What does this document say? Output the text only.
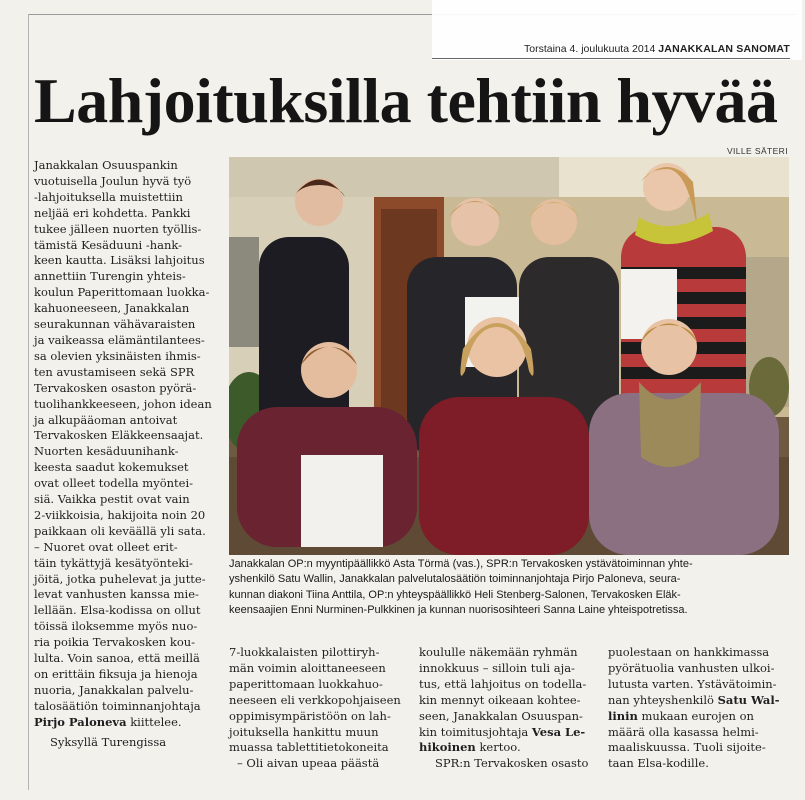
Torstaina 4. joulukuuta 2014 JANAKKALAN SANOMAT
Lahjoituksilla tehtiin hyvää
VILLE SÄTERI

Janakkalan Osuuspankin

vuotuisella Joulun hyvä työ

-lahjoituksella muistettiin

neljää eri kohdetta. Pankki

tukee jälleen nuorten työllis-

tämistä Kesäduuni -hank-

keen kautta. Lisäksi lahjoitus

annettiin Turengin yhteis-

koulun Paperittomaan luokka-

kahuoneeseen, Janakkalan

seurakunnan vähävaraisten

ja vaikeassa elämäntilantees-

sa olevien yksinäisten ihmis-

ten avustamiseen sekä SPR

Tervakosken osaston pyörä-

tuolihankkeeseen, johon idean

ja alkupääoman antoivat

Tervakosken Eläkkeensaajat.

Nuorten kesäduunihank-

keesta saadut kokemukset

ovat olleet todella myöntei-

siä. Vaikka pestit ovat vain

2-viikkoisia, hakijoita noin 20

paikkaan oli keväällä yli sata.

– Nuoret ovat olleet erit-

täin tykättyjä kesätyönteki-

jöitä, jotka puhelevat ja jutte-

levat vanhusten kanssa mie-

lellään. Elsa-kodissa on ollut

töissä iloksemme myös nuo-

ria poikia Tervakosken kou-

lulta. Voin sanoa, että meillä

on erittäin fiksuja ja hienoja

nuoria, Janakkalan palvelu-

talosäätiön toiminnanjohtaja

Pirjo Paloneva kiittelee.

Syksyllä Turengissa

Janakkalan OP:n myyntipäällikkö Asta Törmä (vas.), SPR:n Tervakosken ystävätoiminnan yhte-

yshenkilö Satu Wallin, Janakkalan palvelutalosäätiön toiminnanjohtaja Pirjo Paloneva, seura-

kunnan diakoni Tiina Anttila, OP:n yhteyspäällikkö Heli Stenberg-Salonen, Tervakosken Eläk-

keensaajien Enni Nurminen-Pulkkinen ja kunnan nuorisosihteeri Sanna Laine yhteispotretissa.

7-luokkalaisten pilottiryh-

män voimin aloittaneeseen

paperittomaan luokkahuo-

neeseen eli verkkopohjaiseen

oppimisympäristöön on lah-

joituksella hankittu muun

muassa tablettitietokoneita

– Oli aivan upeaa päästä

koululle näkemään ryhmän

innokkuus – silloin tuli aja-

tus, että lahjoitus on todella-

kin mennyt oikeaan kohtee-

seen, Janakkalan Osuuspan-

kin toimitusjohtaja Vesa Le-

hikoinen kertoo.

SPR:n Tervakosken osasto

puolestaan on hankkimassa

pyörätuolia vanhusten ulkoi-

lutusta varten. Ystävätoimin-

nan yhteyshenkilö Satu Wal-

linin mukaan eurojen on

määrä olla kasassa helmi-

maaliskuussa. Tuoli sijoite-

taan Elsa-kodille.
